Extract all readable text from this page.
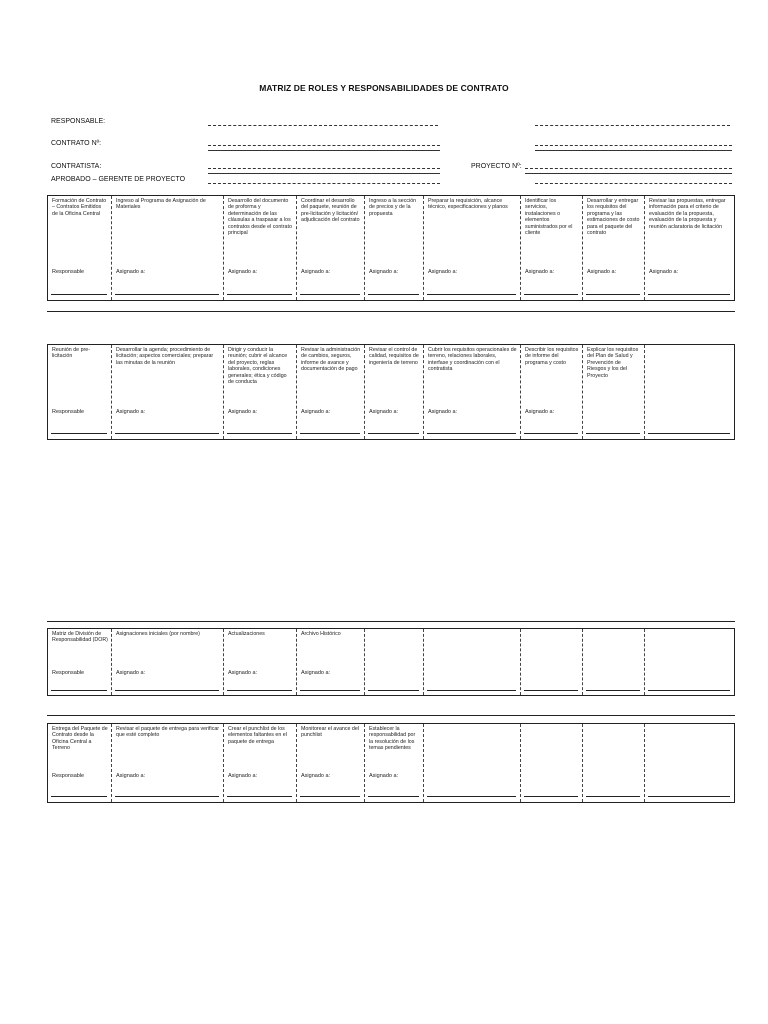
MATRIZ DE ROLES Y RESPONSABILIDADES DE CONTRATO
RESPONSABLE:
CONTRATO Nº:
CONTRATISTA:	PROYECTO Nº:
APROBADO – GERENTE DE PROYECTO
Formación de Contrato – Contratos Emitidos de la Oficina Central
Responsable
Ingreso al Programa de Asignación de Materiales
Asignado a:
Desarrollo del documento de proforma y determinación de las cláusulas a traspasar a los contratos desde el contrato principal
Asignado a:
Coordinar el desarrollo del paquete, reunión de pre-licitación y licitación/ adjudicación del contrato
Asignado a:
Ingreso a la sección de precios y de la propuesta
Asignado a:
Preparar la requisición, alcance técnico, especificaciones y planos
Asignado a:
Identificar los servicios, instalaciones o elementos suministrados por el cliente
Asignado a:
Desarrollar y entregar los requisitos del programa y las estimaciones de costo para el paquete del contrato
Asignado a:
Revisar las propuestas, entregar información para el criterio de evaluación de la propuesta, evaluación de la propuesta y reunión aclaratoria de licitación
Asignado a:
Reunión de pre-licitación
Responsable
Desarrollar la agenda; procedimiento de licitación; aspectos comerciales; preparar las minutas de la reunión
Asignado a:
Dirigir y conducir la reunión; cubrir el alcance del proyecto, reglas laborales, condiciones generales; ética y código de conducta
Asignado a:
Revisar la administración de cambios, seguros, informe de avance y documentación de pago
Asignado a:
Revisar el control de calidad, requisitos de ingeniería de terreno
Asignado a:
Cubrir los requisitos operacionales de terreno, relaciones laborales, interfase y coordinación con el contratista
Asignado a:
Describir los requisitos de informe del programa y costo
Asignado a:
Explicar los requisitos del Plan de Salud y Prevención de Riesgos y los del Proyecto
Matriz de División de Responsabilidad (DOR)
Responsable
Asignaciones iniciales (por nombre)
Asignado a:
Actualizaciones
Asignado a:
Archivo Histórico
Asignado a:
Entrega del Paquete de Contrato desde la Oficina Central a Terreno
Responsable
Revisar el paquete de entrega para verificar que esté completo
Asignado a:
Crear el punchlist de los elementos faltantes en el paquete de entrega
Asignado a:
Monitorear el avance del punchlist
Asignado a:
Establecer la responsabilidad por la resolución de los temas pendientes
Asignado a:
